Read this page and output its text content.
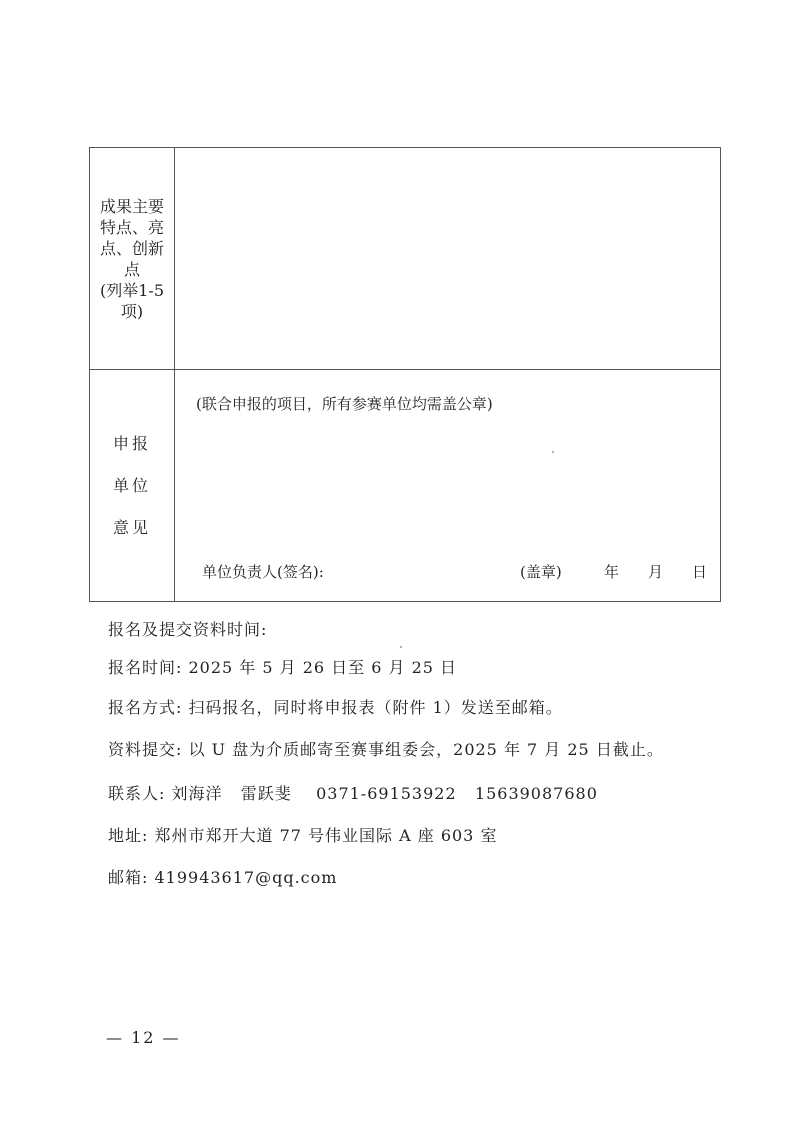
成果主要
特点、亮
点、创新
点
(列举1-5
项)
申报
单位
意见
(联合申报的项目，所有参赛单位均需盖公章)
单位负责人(签名):	(盖章)	年 月 日
报名及提交资料时间:
报名时间: 2025 年 5 月 26 日至 6 月 25 日
报名方式: 扫码报名，同时将申报表（附件 1）发送至邮箱。
资料提交: 以 U 盘为介质邮寄至赛事组委会，2025 年 7 月 25 日截止。
联系人: 刘海洋   雷跃斐    0371-69153922   15639087680
地址: 郑州市郑开大道 77 号伟业国际 A 座 603 室
邮箱: 419943617@qq.com
— 12 —
